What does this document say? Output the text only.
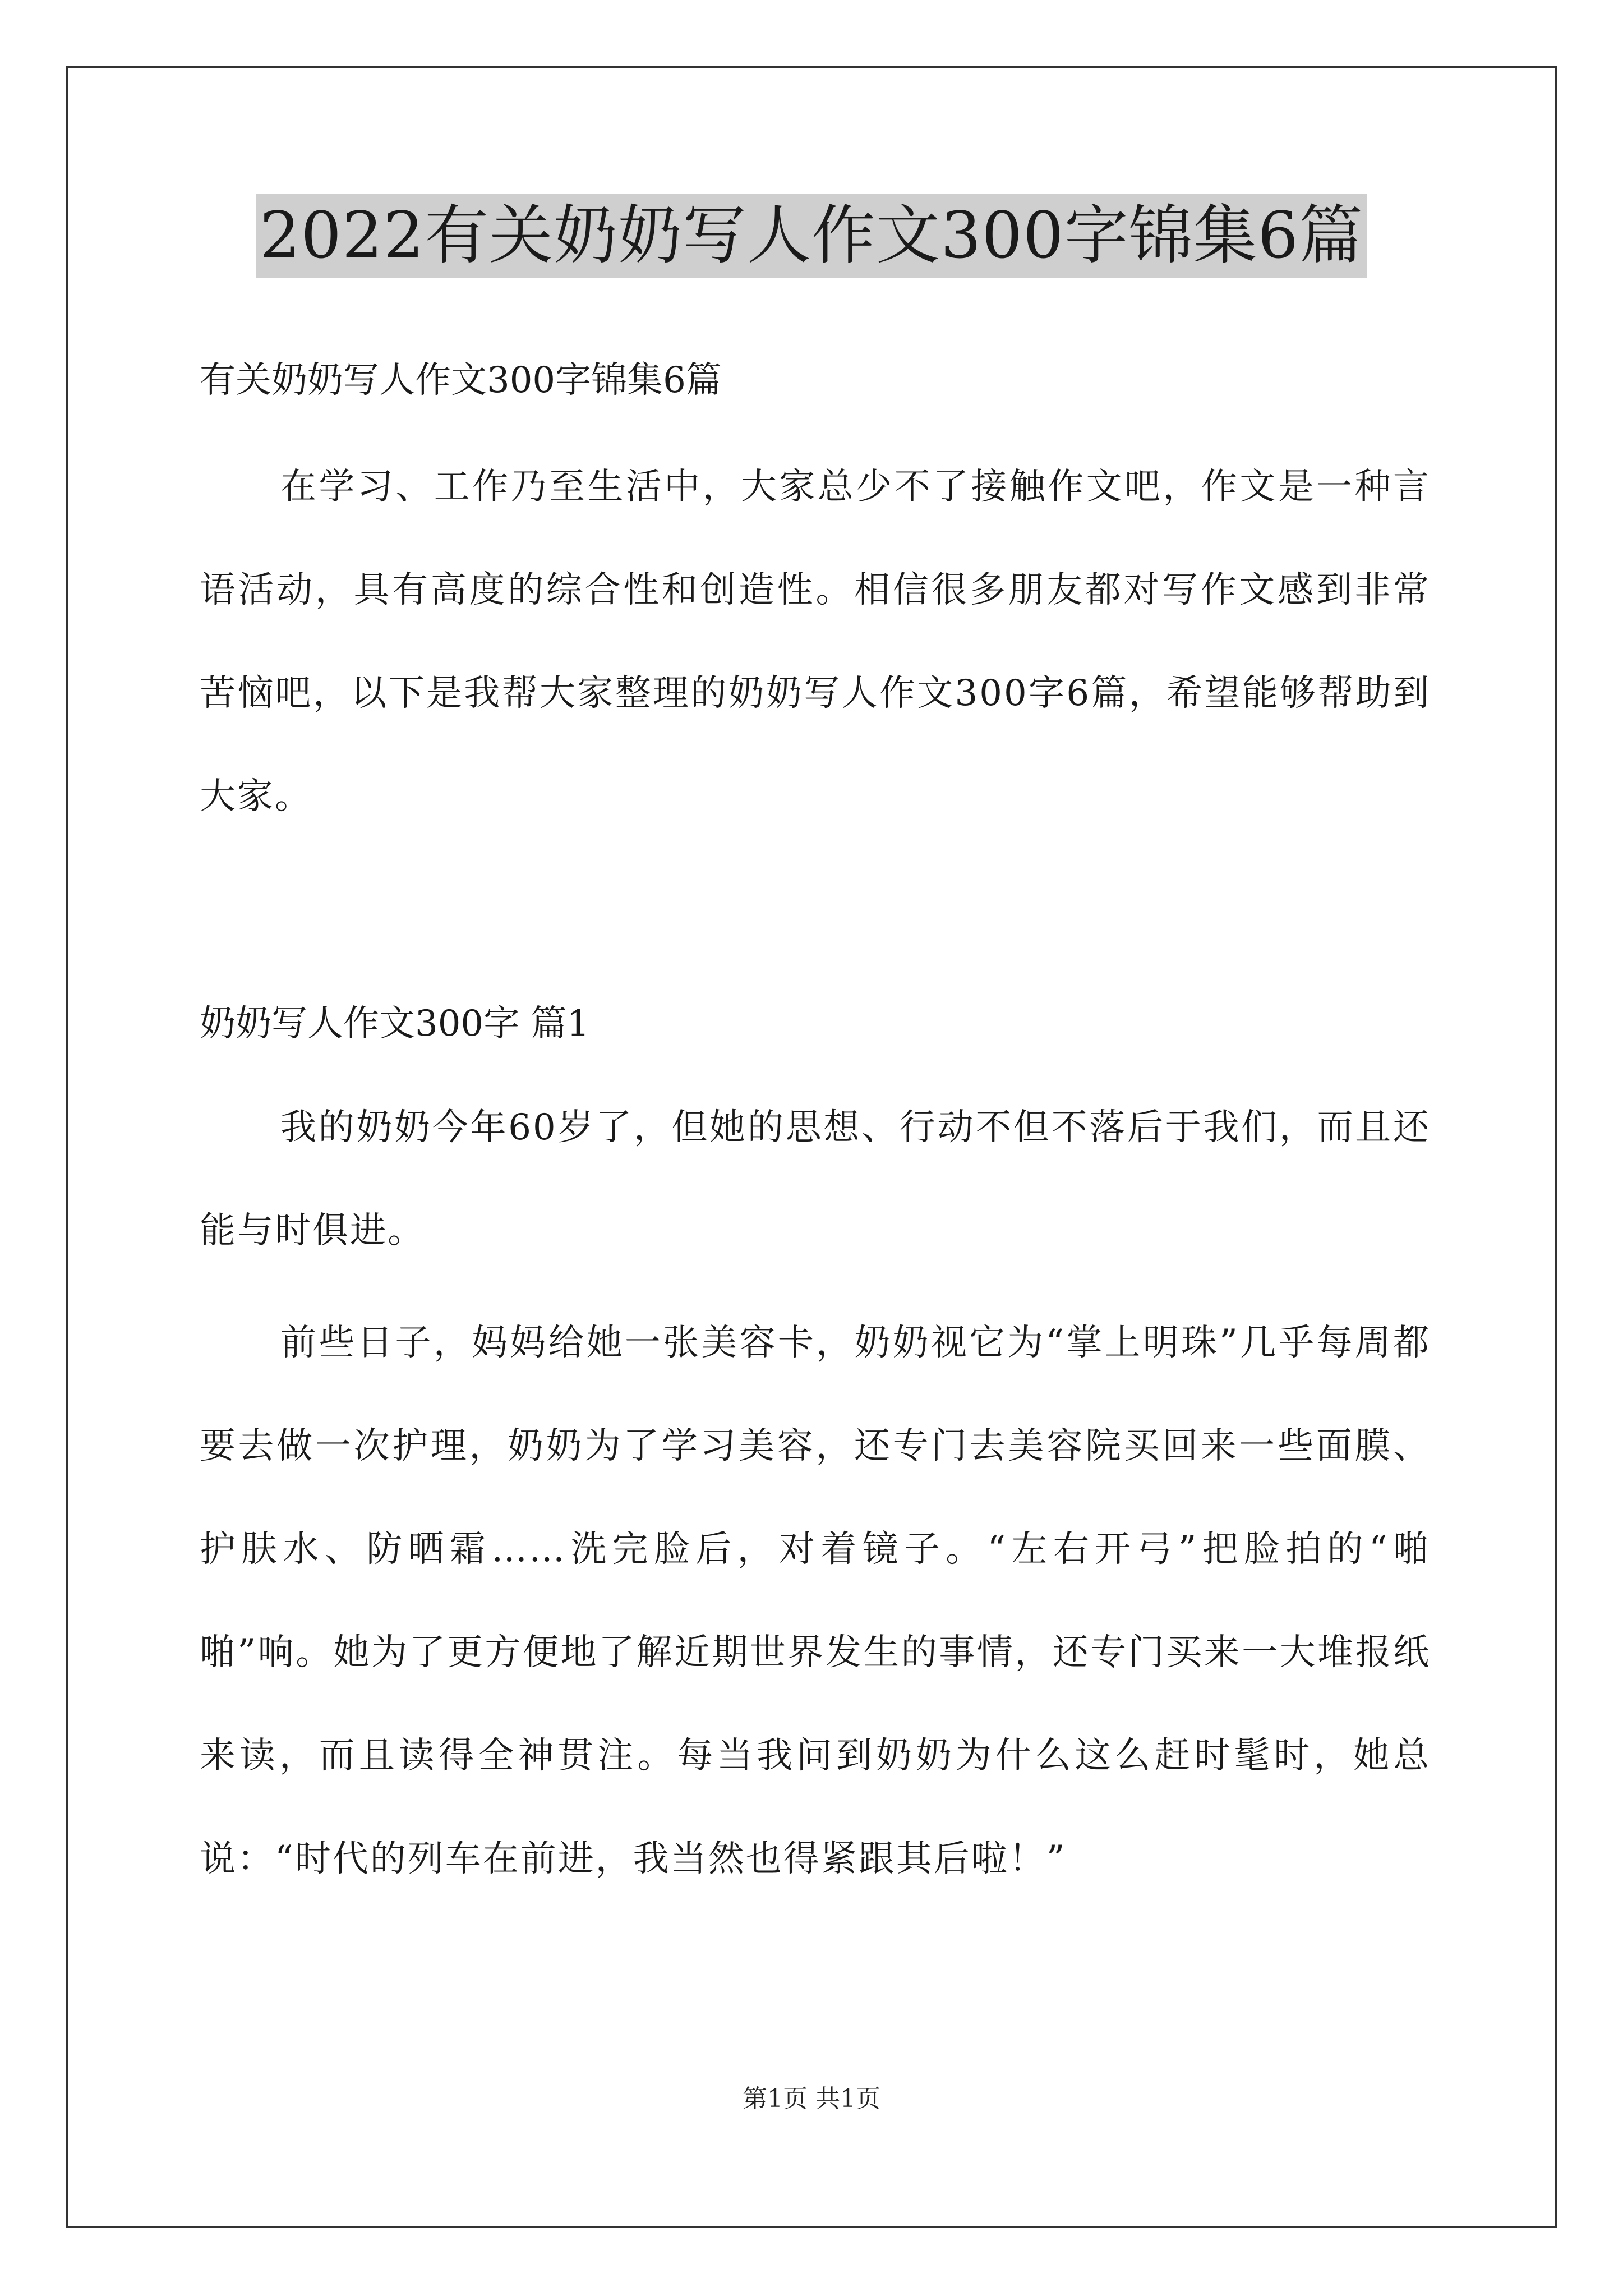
2022有关奶奶写人作文300字锦集6篇
有关奶奶写人作文300字锦集6篇
在学习、工作乃至生活中，大家总少不了接触作文吧，作文是一种言语活动，具有高度的综合性和创造性。相信很多朋友都对写作文感到非常苦恼吧，以下是我帮大家整理的奶奶写人作文300字6篇，希望能够帮助到大家。
奶奶写人作文300字 篇1
我的奶奶今年60岁了，但她的思想、行动不但不落后于我们，而且还能与时俱进。
前些日子，妈妈给她一张美容卡，奶奶视它为“掌上明珠”几乎每周都要去做一次护理，奶奶为了学习美容，还专门去美容院买回来一些面膜、护肤水、防晒霜……洗完脸后，对着镜子。“左右开弓”把脸拍的“啪啪”响。她为了更方便地了解近期世界发生的事情，还专门买来一大堆报纸来读，而且读得全神贯注。每当我问到奶奶为什么这么赶时髦时，她总说：“时代的列车在前进，我当然也得紧跟其后啦！”
第1页 共1页
